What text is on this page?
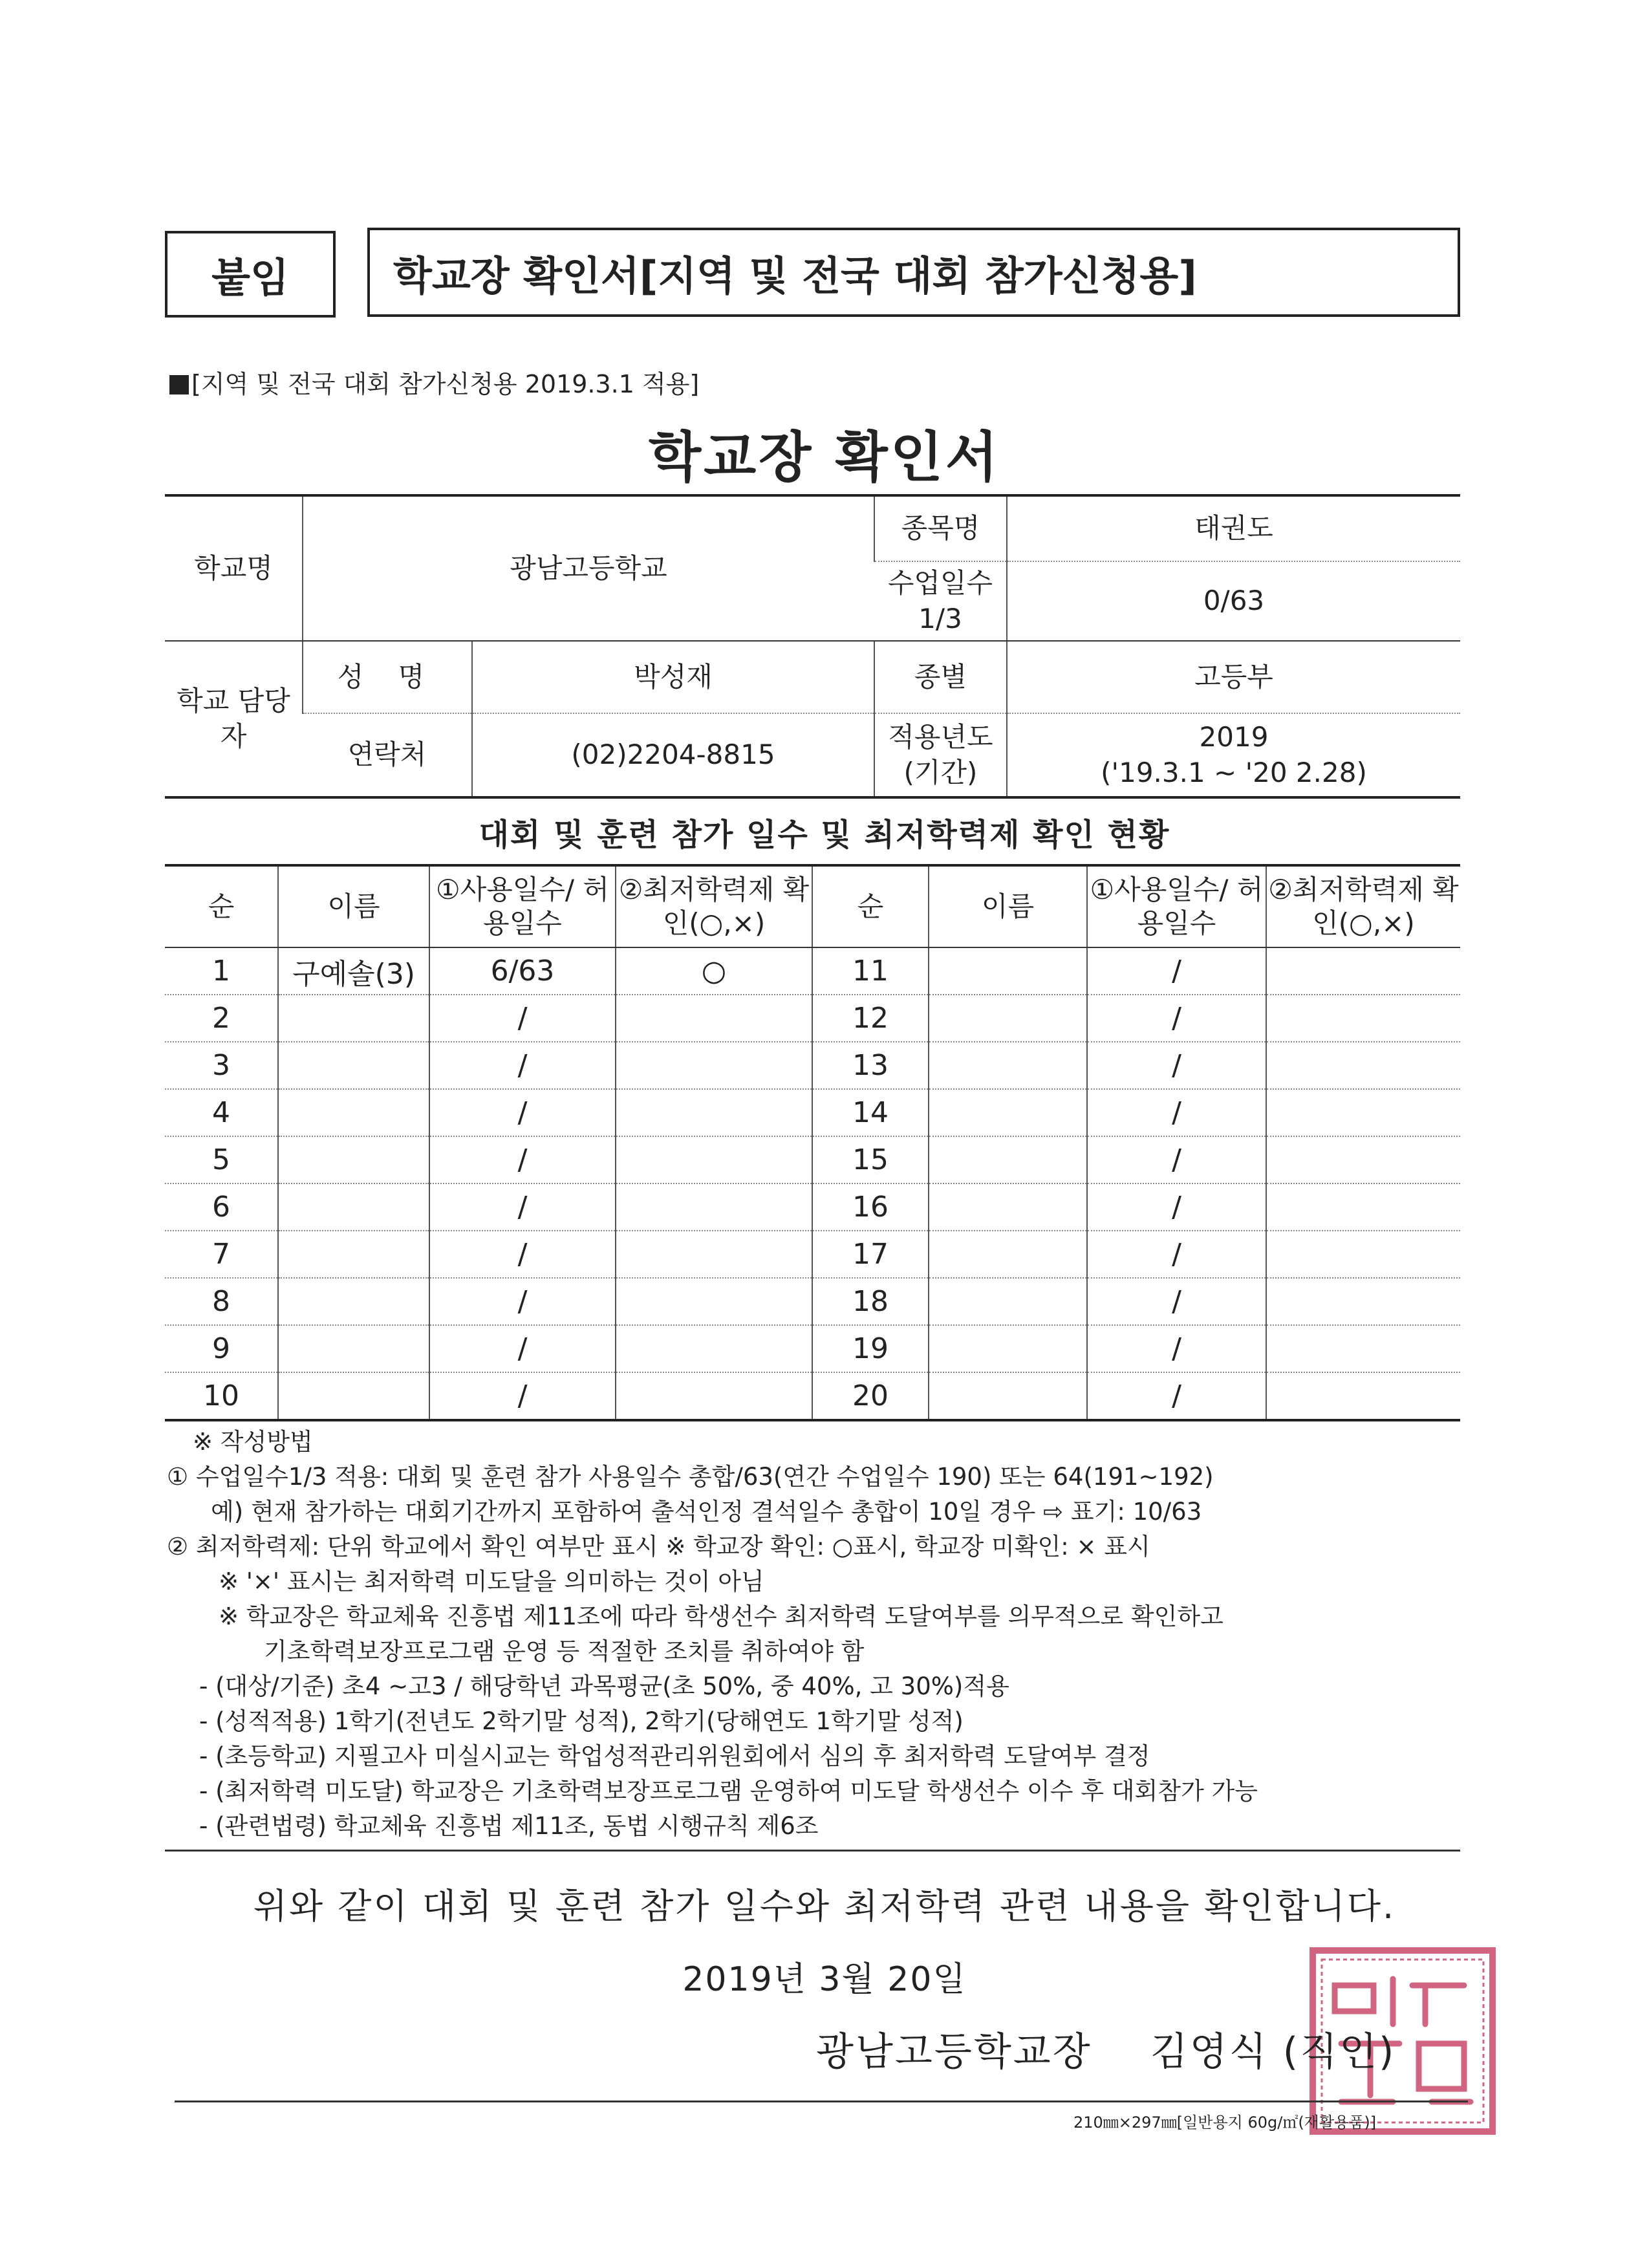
붙임	학교장 확인서[지역 및 전국 대회 참가신청용]
[지역 및 전국 대회 참가신청용 2019.3.1 적용]
학교장 확인서
학교명	광남고등학교		종목명	태권도
			수업일수 1/3	0/63
학교 담당자	성 명	박성재	종별	고등부
	연락처	(02)2204-8815	적용년도 (기간)	2019
('19.3.1 ~ '20 2.28)
대회 및 훈련 참가 일수 및 최저학력제 확인 현황
순	이름	①사용일수/ 허용일수	②최저학력제 확인(○,×)	순	이름	①사용일수/ 허용일수	②최저학력제 확인(○,×)
1	구예솔(3)	6/63	○	11		/	
2		/		12		/	
3		/		13		/	
4		/		14		/	
5		/		15		/	
6		/		16		/	
7		/		17		/	
8		/		18		/	
9		/		19		/	
10		/		20		/	
※ 작성방법
① 수업일수1/3 적용: 대회 및 훈련 참가 사용일수 총합/63(연간 수업일수 190) 또는 64(191~192)
예) 현재 참가하는 대회기간까지 포함하여 출석인정 결석일수 총합이 10일 경우 ⇨ 표기: 10/63
② 최저학력제: 단위 학교에서 확인 여부만 표시 ※ 학교장 확인: ○표시, 학교장 미확인: × 표시
※ '×' 표시는 최저학력 미도달을 의미하는 것이 아님
※ 학교장은 학교체육 진흥법 제11조에 따라 학생선수 최저학력 도달여부를 의무적으로 확인하고
기초학력보장프로그램 운영 등 적절한 조치를 취하여야 함
- (대상/기준) 초4 ~고3 / 해당학년 과목평균(초 50%, 중 40%, 고 30%)적용
- (성적적용) 1학기(전년도 2학기말 성적), 2학기(당해연도 1학기말 성적)
- (초등학교) 지필고사 미실시교는 학업성적관리위원회에서 심의 후 최저학력 도달여부 결정
- (최저학력 미도달) 학교장은 기초학력보장프로그램 운영하여 미도달 학생선수 이수 후 대회참가 가능
- (관련법령) 학교체육 진흥법 제11조, 동법 시행규칙 제6조
위와 같이 대회 및 훈련 참가 일수와 최저학력 관련 내용을 확인합니다.
2019년 3월 20일
광남고등학교장 김영식 (직인)
210㎜×297㎜[일반용지 60g/㎡(재활용품)]
